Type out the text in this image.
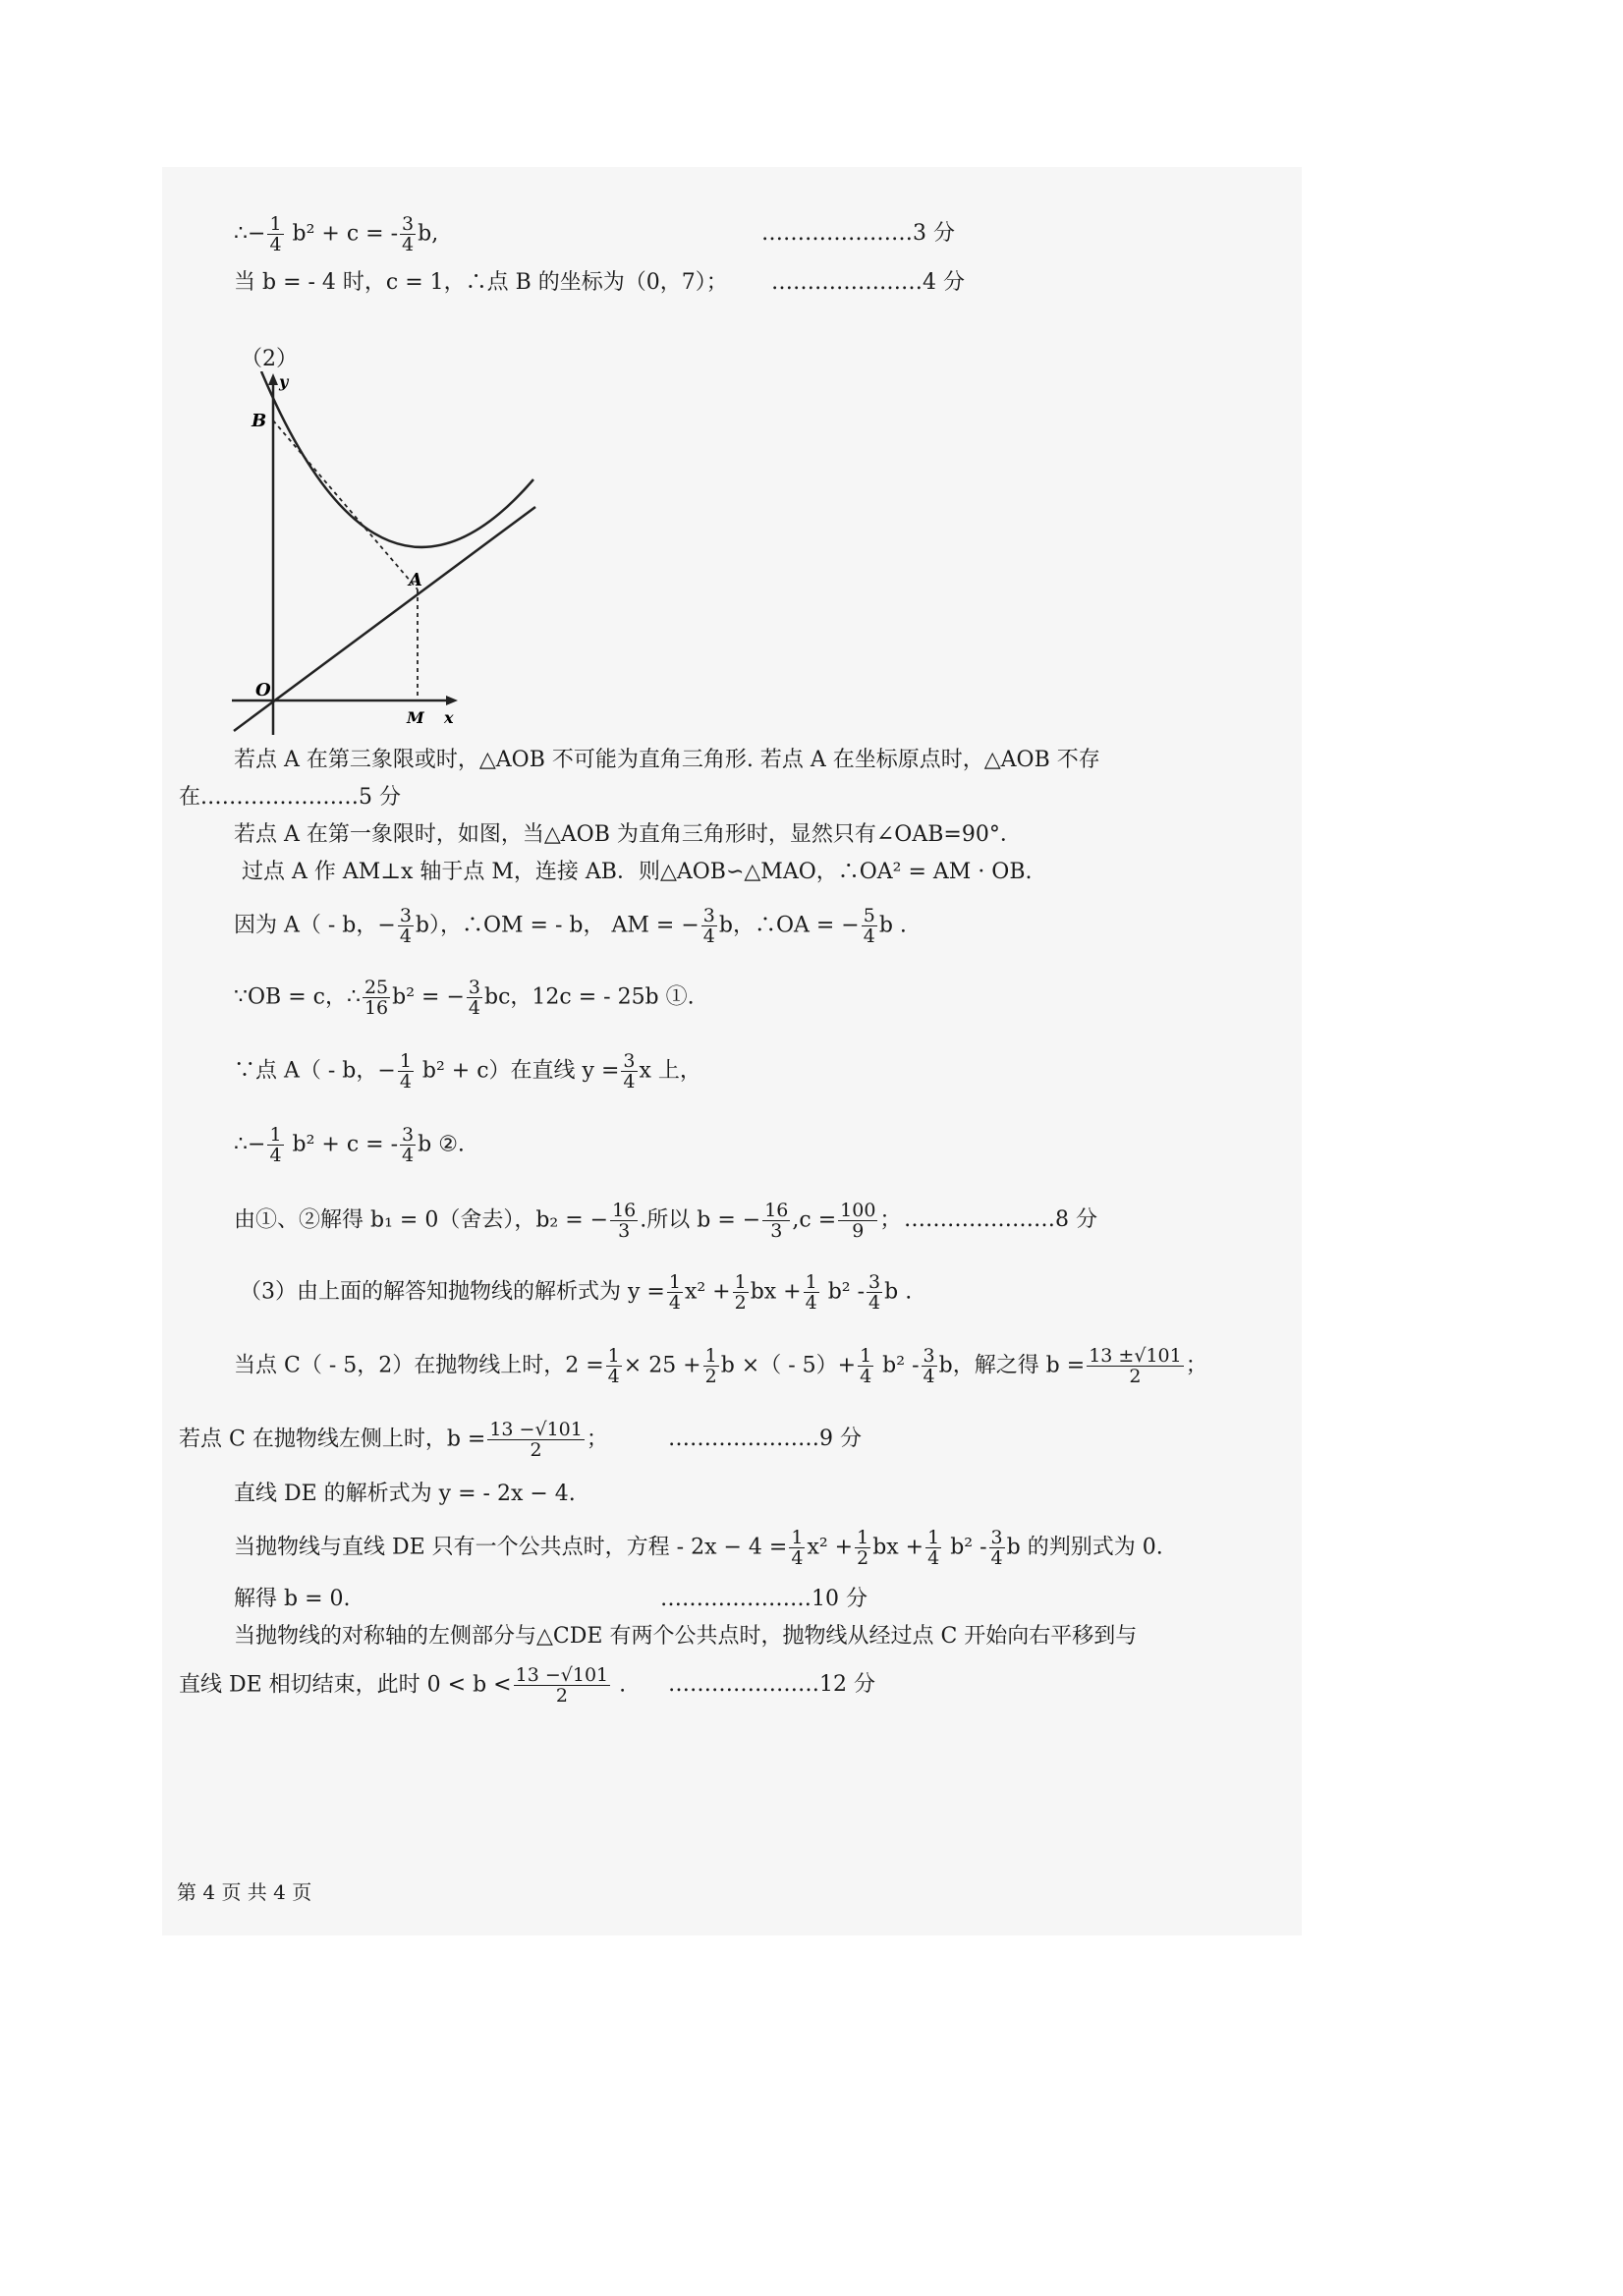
∴− $\frac{1}{4} b^2 + c$ = - $\frac{3}{4} b$,	…………………3 分
当 b = - 4 时，c = 1，∴点 B 的坐标为（0，7）； …………………4 分
（2）
y
B
A
O
M x
若点 A 在第三象限或时，△AOB 不可能为直角三角形. 若点 A 在坐标原点时，△AOB 不存
在.…………………5 分
若点 A 在第一象限时，如图，当△AOB 为直角三角形时，显然只有∠OAB=90°．
过点 A 作 AM⊥x 轴于点 M，连接 AB．则△AOB∽△MAO，∴OA² = AM · OB.
因为 A（ - b，− $\frac{3}{4} b$），∴OM = - b， AM = − $\frac{3}{4}$ b，∴OA = − $\frac{5}{4}$ b .
∵OB = c，∴ $\frac{25}{16} b^2$ = − $\frac{3}{4}$ bc，12c = - 25b ①.
∵点 A（ - b，− $\frac{1}{4} b^2 + c$）在直线 $y = \frac{3}{4}$ x 上，
∴− $\frac{1}{4} b^2 + c$ = - $\frac{3}{4}$ b ②.
由①、②解得 b₁ = 0（舍去），b₂ = − $\frac{16}{3}$ .所以 b = − $\frac{16}{3} ,c = \frac{100}{9}$ ； …………………8 分
（3）由上面的解答知抛物线的解析式为 $y = \frac{1}{4} x^2 + \frac{1}{2}$ bx + $\frac{1}{4} b^2 - \frac{3}{4}$ b .
当点 C（ - 5，2）在抛物线上时，$2 = \frac{1}{4} \times 25 + \frac{1}{2}$ b ×（ - $5)+ \frac{1}{4} b^2 - \frac{3}{4}$ b，解之得 $b = \frac{13 \pm√101}{2}$ ；
若点 C 在抛物线左侧上时，$b = \frac{13 -√101}{2}$ ；	…………………9 分
直线 DE 的解析式为 y = - 2x − 4.
当抛物线与直线 DE 只有一个公共点时，方程 - $2x - 4 = \frac{1}{4} x^2 + \frac{1}{2}$ bx + $\frac{1}{4} b^2 - \frac{3}{4}$ b 的判别式为 0.
解得 b = 0.	…………………10 分
当抛物线的对称轴的左侧部分与△CDE 有两个公共点时，抛物线从经过点 C 开始向右平移到与
直线 DE 相切结束，此时 $0 < b < \frac{13 -√101}{2}$ . …………………12 分
第 4 页 共 4 页
